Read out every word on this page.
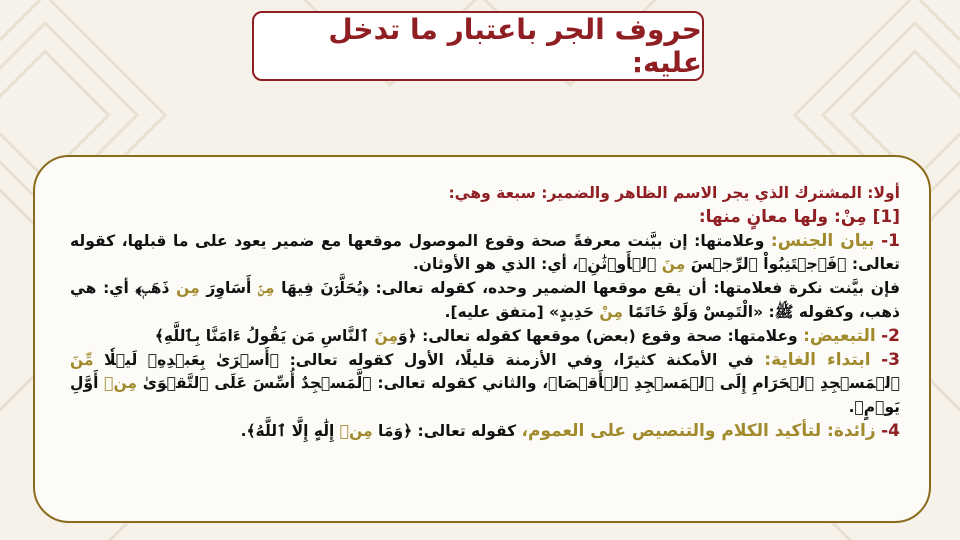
حروف الجر باعتبار ما تدخل عليه:

أولا: المشترك الذي يجر الاسم الظاهر والضمير: سبعة وهي:

[1] مِنْ: ولها معانٍ منها:

1- بيان الجنس: وعلامتها: إن بيَّنت معرفةً صحة وقوع الموصول موقعها مع ضمير يعود على ما قبلها، كقوله تعالى: ﴿فَٱجۡتَنِبُواْ ٱلرِّجۡسَ مِنَ ٱلۡأَوۡثَٰنِ﴾، أي: الذي هو الأوثان.

فإن بيَّنت نكرة فعلامتها: أن يقع موقعها الضمير وحده، كقوله تعالى: ﴿يُحَلَّوۡنَ فِيهَا مِنۡ أَسَاوِرَ مِن ذَهَبٖ﴾ أي: هي ذهب، وكقوله ﷺ: «الْتَمِسْ وَلَوْ خَاتَمًا مِنْ حَدِيدٍ» [متفق عليه].

2- التبعيض: وعلامتها: صحة وقوع (بعض) موقعها كقوله تعالى: ﴿وَمِنَ ٱلنَّاسِ مَن يَقُولُ ءَامَنَّا بِٱللَّهِ﴾

3- ابتداء الغاية: في الأمكنة كثيرًا، وفي الأزمنة قليلًا، الأول كقوله تعالى: ﴿أَسۡرَىٰ بِعَبۡدِهِۦ لَيۡلٗا مِّنَ ٱلۡمَسۡجِدِ ٱلۡحَرَامِ إِلَى ٱلۡمَسۡجِدِ ٱلۡأَقۡصَا﴾، والثاني كقوله تعالى: ﴿لَّمَسۡجِدٌ أُسِّسَ عَلَى ٱلتَّقۡوَىٰ مِنۡ أَوَّلِ يَوۡمٍ﴾.

4- زائدة: لتأكيد الكلام والتنصيص على العموم، كقوله تعالى: ﴿وَمَا مِنۡ إِلَٰهٍ إِلَّا ٱللَّهُ﴾.
